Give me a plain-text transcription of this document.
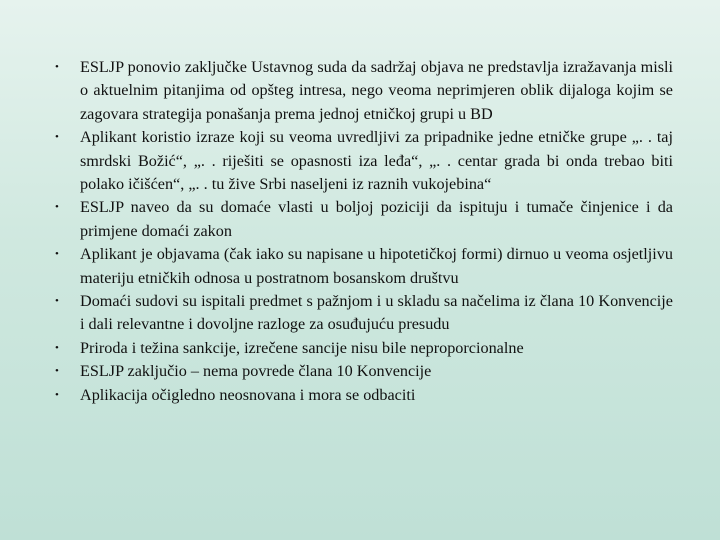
•	ESLJP ponovio zaključke Ustavnog suda da sadržaj objava ne predstavlja izražavanja misli o aktuelnim pitanjima od opšteg intresa, nego veoma neprimjeren oblik dijaloga kojim se zagovara strategija ponašanja prema jednoj etničkoj grupi u BD
•	Aplikant koristio izraze koji su veoma uvredljivi za pripadnike jedne etničke grupe „. . taj smrdski Božić“, „. . riješiti se opasnosti iza leđa“, „. . centar grada bi onda trebao biti polako ičišćen“, „. . tu žive Srbi naseljeni iz raznih vukojebina“
•	ESLJP naveo da su domaće vlasti u boljoj poziciji da ispituju i tumače činjenice i da primjene domaći zakon
•	Aplikant je objavama (čak iako su napisane u hipotetičkoj formi) dirnuo u veoma osjetljivu materiju etničkih odnosa u postratnom bosanskom društvu
•	Domaći sudovi su ispitali predmet s pažnjom i u skladu sa načelima iz člana 10 Konvencije i dali relevantne i dovoljne razloge za osuđujuću presudu
•	Priroda i težina sankcije, izrečene sancije nisu bile neproporcionalne
•	ESLJP zaključio – nema povrede člana 10 Konvencije
•	Aplikacija očigledno neosnovana i mora se odbaciti
